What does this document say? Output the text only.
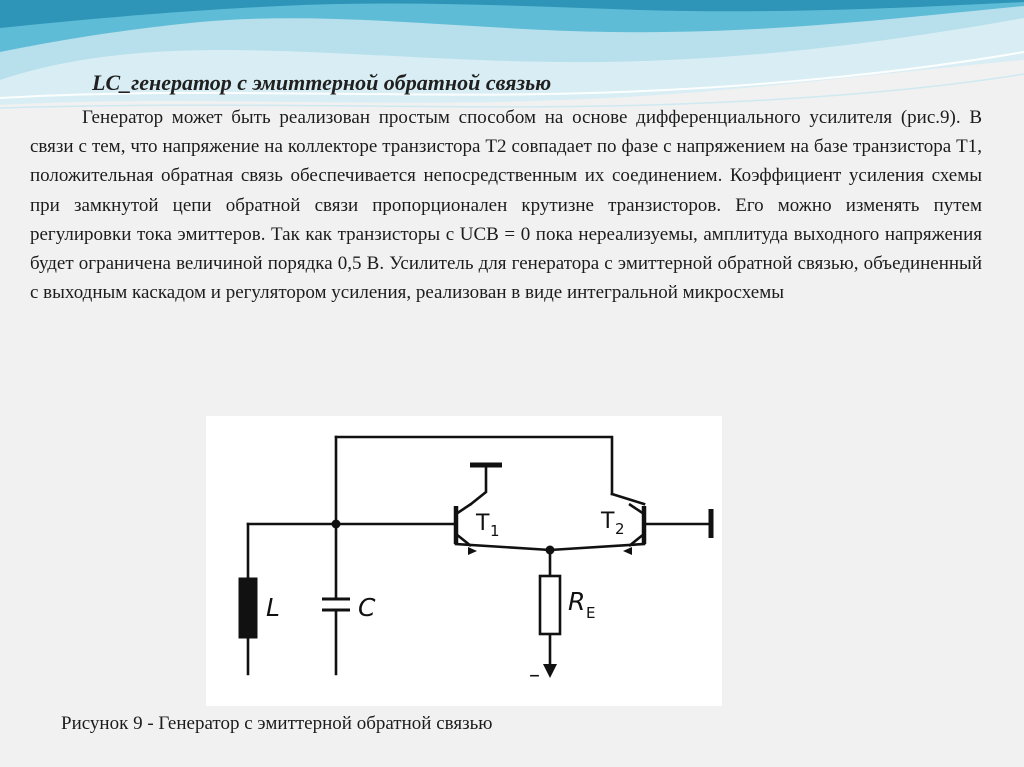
LC_генератор с эмиттерной обратной связью

Генератор может быть реализован простым способом на основе дифференциального усилителя (рис.9). В связи с тем, что напряжение на коллекторе транзистора Т2 совпадает по фазе с напряжением на базе транзистора Т1, положительная обратная связь обеспечивается непосредственным их соединением. Коэффициент усиления схемы при замкнутой цепи обратной связи пропорционален крутизне транзисторов. Его можно изменять путем регулировки тока эмиттеров. Так как транзисторы с UCB = 0 пока нереализуемы, амплитуда выходного напряжения будет ограничена величиной порядка 0,5 В. Усилитель для генератора с эмиттерной обратной связью, объединенный с выходным каскадом и регулятором усиления, реализован в виде интегральной микросхемы

L	C
T 1	T 2
R E
–
Рисунок 9 - Генератор с эмиттерной обратной связью
